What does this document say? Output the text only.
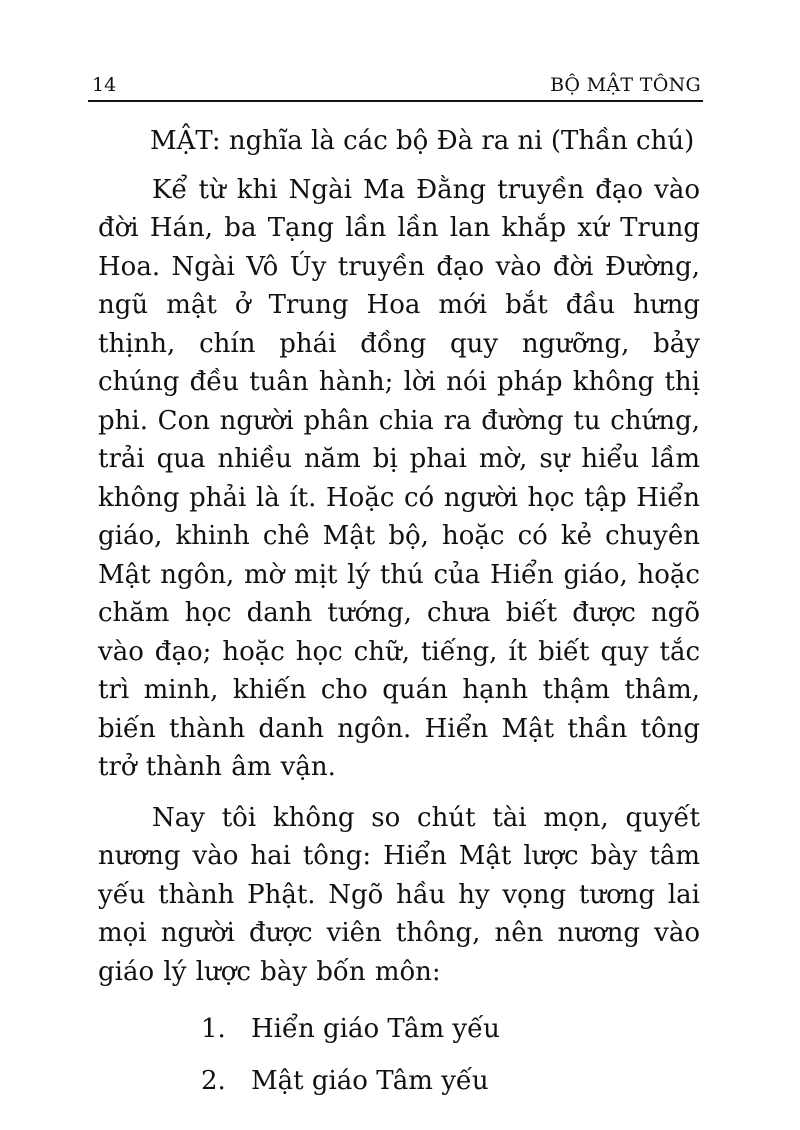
14	BỘ MẬT TÔNG

MẬT: nghĩa là các bộ Đà ra ni (Thần chú)

Kể từ khi Ngài Ma Đằng truyền đạo vào đời Hán, ba Tạng lần lần lan khắp xứ Trung Hoa. Ngài Vô Úy truyền đạo vào đời Đường, ngũ mật ở Trung Hoa mới bắt đầu hưng thịnh, chín phái đồng quy ngưỡng, bảy chúng đều tuân hành; lời nói pháp không thị phi. Con người phân chia ra đường tu chứng, trải qua nhiều năm bị phai mờ, sự hiểu lầm không phải là ít. Hoặc có người học tập Hiển giáo, khinh chê Mật bộ, hoặc có kẻ chuyên Mật ngôn, mờ mịt lý thú của Hiển giáo, hoặc chăm học danh tướng, chưa biết được ngõ vào đạo; hoặc học chữ, tiếng, ít biết quy tắc trì minh, khiến cho quán hạnh thậm thâm, biến thành danh ngôn. Hiển Mật thần tông trở thành âm vận.

Nay tôi không so chút tài mọn, quyết nương vào hai tông: Hiển Mật lược bày tâm yếu thành Phật. Ngõ hầu hy vọng tương lai mọi người được viên thông, nên nương vào giáo lý lược bày bốn môn:

1. Hiển giáo Tâm yếu
2. Mật giáo Tâm yếu
